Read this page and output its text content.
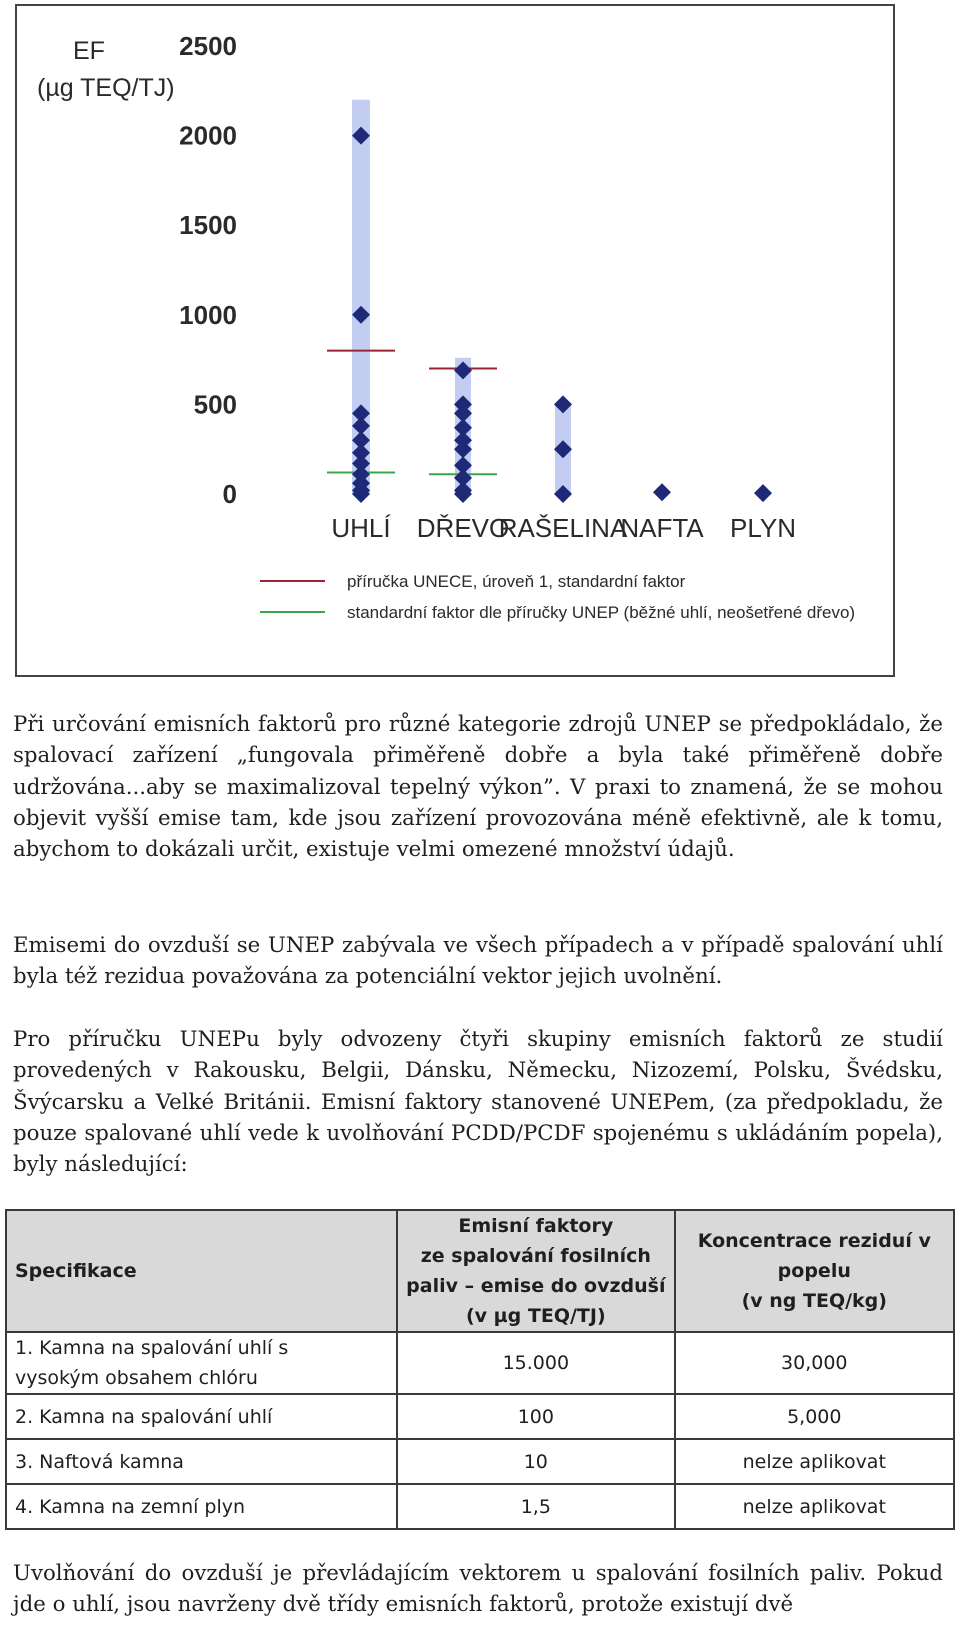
EF
(µg TEQ/TJ)
2500
2000
1500
1000
500
0
UHLÍ DŘEVO
RAŠELINA
NAFTA PLYN
příručka UNECE, úroveň 1, standardní faktor
standardní faktor dle příručky UNEP (běžné uhlí, neošetřené dřevo)

Při určování emisních faktorů pro různé kategorie zdrojů UNEP se předpokládalo, že spalovací zařízení „fungovala přiměřeně dobře a byla také přiměřeně dobře udržována...aby se maximalizoval tepelný výkon”. V praxi to znamená, že se mohou objevit vyšší emise tam, kde jsou zařízení provozována méně efektivně, ale k tomu, abychom to dokázali určit, existuje velmi omezené množství údajů.

Emisemi do ovzduší se UNEP zabývala ve všech případech a v případě spalování uhlí byla též rezidua považována za potenciální vektor jejich uvolnění.

Pro příručku UNEPu byly odvozeny čtyři skupiny emisních faktorů ze studií provedených v Rakousku, Belgii, Dánsku, Německu, Nizozemí, Polsku, Švédsku, Švýcarsku a Velké Británii. Emisní faktory stanovené UNEPem, (za předpokladu, že pouze spalované uhlí vede k uvolňování PCDD/PCDF spojenému s ukládáním popela), byly následující:

Specifikace	Emisní faktory
ze spalování fosilních
paliv – emise do ovzduší
(v µg TEQ/TJ)	Koncentrace reziduí v
popelu
(v ng TEQ/kg)
1. Kamna na spalování uhlí s
vysokým obsahem chlóru	15.000	30,000
2. Kamna na spalování uhlí	100	5,000
3. Naftová kamna	10	nelze aplikovat
4. Kamna na zemní plyn	1,5	nelze aplikovat

Uvolňování do ovzduší je převládajícím vektorem u spalování fosilních paliv. Pokud jde o uhlí, jsou navrženy dvě třídy emisních faktorů, protože existují dvě
